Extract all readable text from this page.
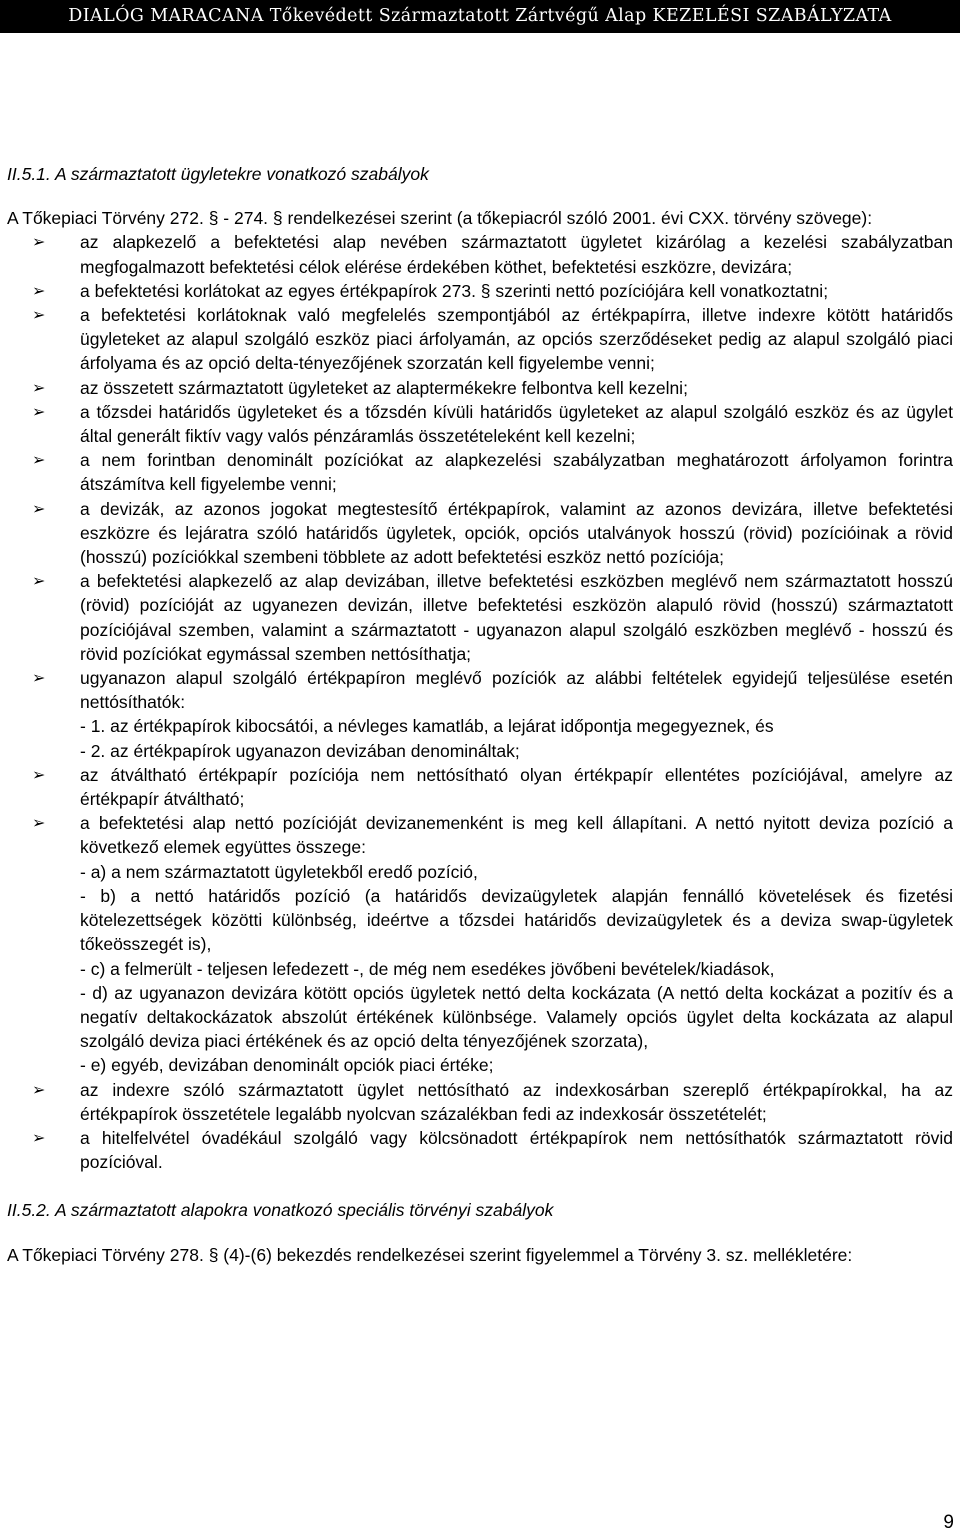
DIALÓG MARACANA Tőkevédett Származtatott Zártvégű Alap KEZELÉSI SZABÁLYZATA

II.5.1. A származtatott ügyletekre vonatkozó szabályok

A Tőkepiaci Törvény 272. § - 274. § rendelkezései szerint (a tőkepiacról szóló 2001. évi CXX. törvény szövege):

➢ az alapkezelő a befektetési alap nevében származtatott ügyletet kizárólag a kezelési szabályzatban megfogalmazott befektetési célok elérése érdekében köthet, befektetési eszközre, devizára;
➢ a befektetési korlátokat az egyes értékpapírok 273. § szerinti nettó pozíciójára kell vonatkoztatni;
➢ a befektetési korlátoknak való megfelelés szempontjából az értékpapírra, illetve indexre kötött határidős ügyleteket az alapul szolgáló eszköz piaci árfolyamán, az opciós szerződéseket pedig az alapul szolgáló piaci árfolyama és az opció delta-tényezőjének szorzatán kell figyelembe venni;
➢ az összetett származtatott ügyleteket az alaptermékekre felbontva kell kezelni;
➢ a tőzsdei határidős ügyleteket és a tőzsdén kívüli határidős ügyleteket az alapul szolgáló eszköz és az ügylet által generált fiktív vagy valós pénzáramlás összetételeként kell kezelni;
➢ a nem forintban denominált pozíciókat az alapkezelési szabályzatban meghatározott árfolyamon forintra átszámítva kell figyelembe venni;
➢ a devizák, az azonos jogokat megtestesítő értékpapírok, valamint az azonos devizára, illetve befektetési eszközre és lejáratra szóló határidős ügyletek, opciók, opciós utalványok hosszú (rövid) pozícióinak a rövid (hosszú) pozíciókkal szembeni többlete az adott befektetési eszköz nettó pozíciója;
➢ a befektetési alapkezelő az alap devizában, illetve befektetési eszközben meglévő nem származtatott hosszú (rövid) pozícióját az ugyanezen devizán, illetve befektetési eszközön alapuló rövid (hosszú) származtatott pozíciójával szemben, valamint a származtatott - ugyanazon alapul szolgáló eszközben meglévő - hosszú és rövid pozíciókat egymással szemben nettósíthatja;
➢ ugyanazon alapul szolgáló értékpapíron meglévő pozíciók az alábbi feltételek egyidejű teljesülése esetén nettósíthatók:
- 1. az értékpapírok kibocsátói, a névleges kamatláb, a lejárat időpontja megegyeznek, és
- 2. az értékpapírok ugyanazon devizában denomináltak;
➢ az átváltható értékpapír pozíciója nem nettósítható olyan értékpapír ellentétes pozíciójával, amelyre az értékpapír átváltható;
➢ a befektetési alap nettó pozícióját devizanemenként is meg kell állapítani. A nettó nyitott deviza pozíció a következő elemek együttes összege:
- a) a nem származtatott ügyletekből eredő pozíció,
- b) a nettó határidős pozíció (a határidős devizaügyletek alapján fennálló követelések és fizetési kötelezettségek közötti különbség, ideértve a tőzsdei határidős devizaügyletek és a deviza swap-ügyletek tőkeösszegét is),
- c) a felmerült - teljesen lefedezett -, de még nem esedékes jövőbeni bevételek/kiadások,
- d) az ugyanazon devizára kötött opciós ügyletek nettó delta kockázata (A nettó delta kockázat a pozitív és a negatív deltakockázatok abszolút értékének különbsége. Valamely opciós ügylet delta kockázata az alapul szolgáló deviza piaci értékének és az opció delta tényezőjének szorzata),
- e) egyéb, devizában denominált opciók piaci értéke;
➢ az indexre szóló származtatott ügylet nettósítható az indexkosárban szereplő értékpapírokkal, ha az értékpapírok összetétele legalább nyolcvan százalékban fedi az indexkosár összetételét;
➢ a hitelfelvétel óvadékául szolgáló vagy kölcsönadott értékpapírok nem nettósíthatók származtatott rövid pozícióval.

II.5.2. A származtatott alapokra vonatkozó speciális törvényi szabályok

A Tőkepiaci Törvény 278. § (4)-(6) bekezdés rendelkezései szerint figyelemmel a Törvény 3. sz. mellékletére:

9
